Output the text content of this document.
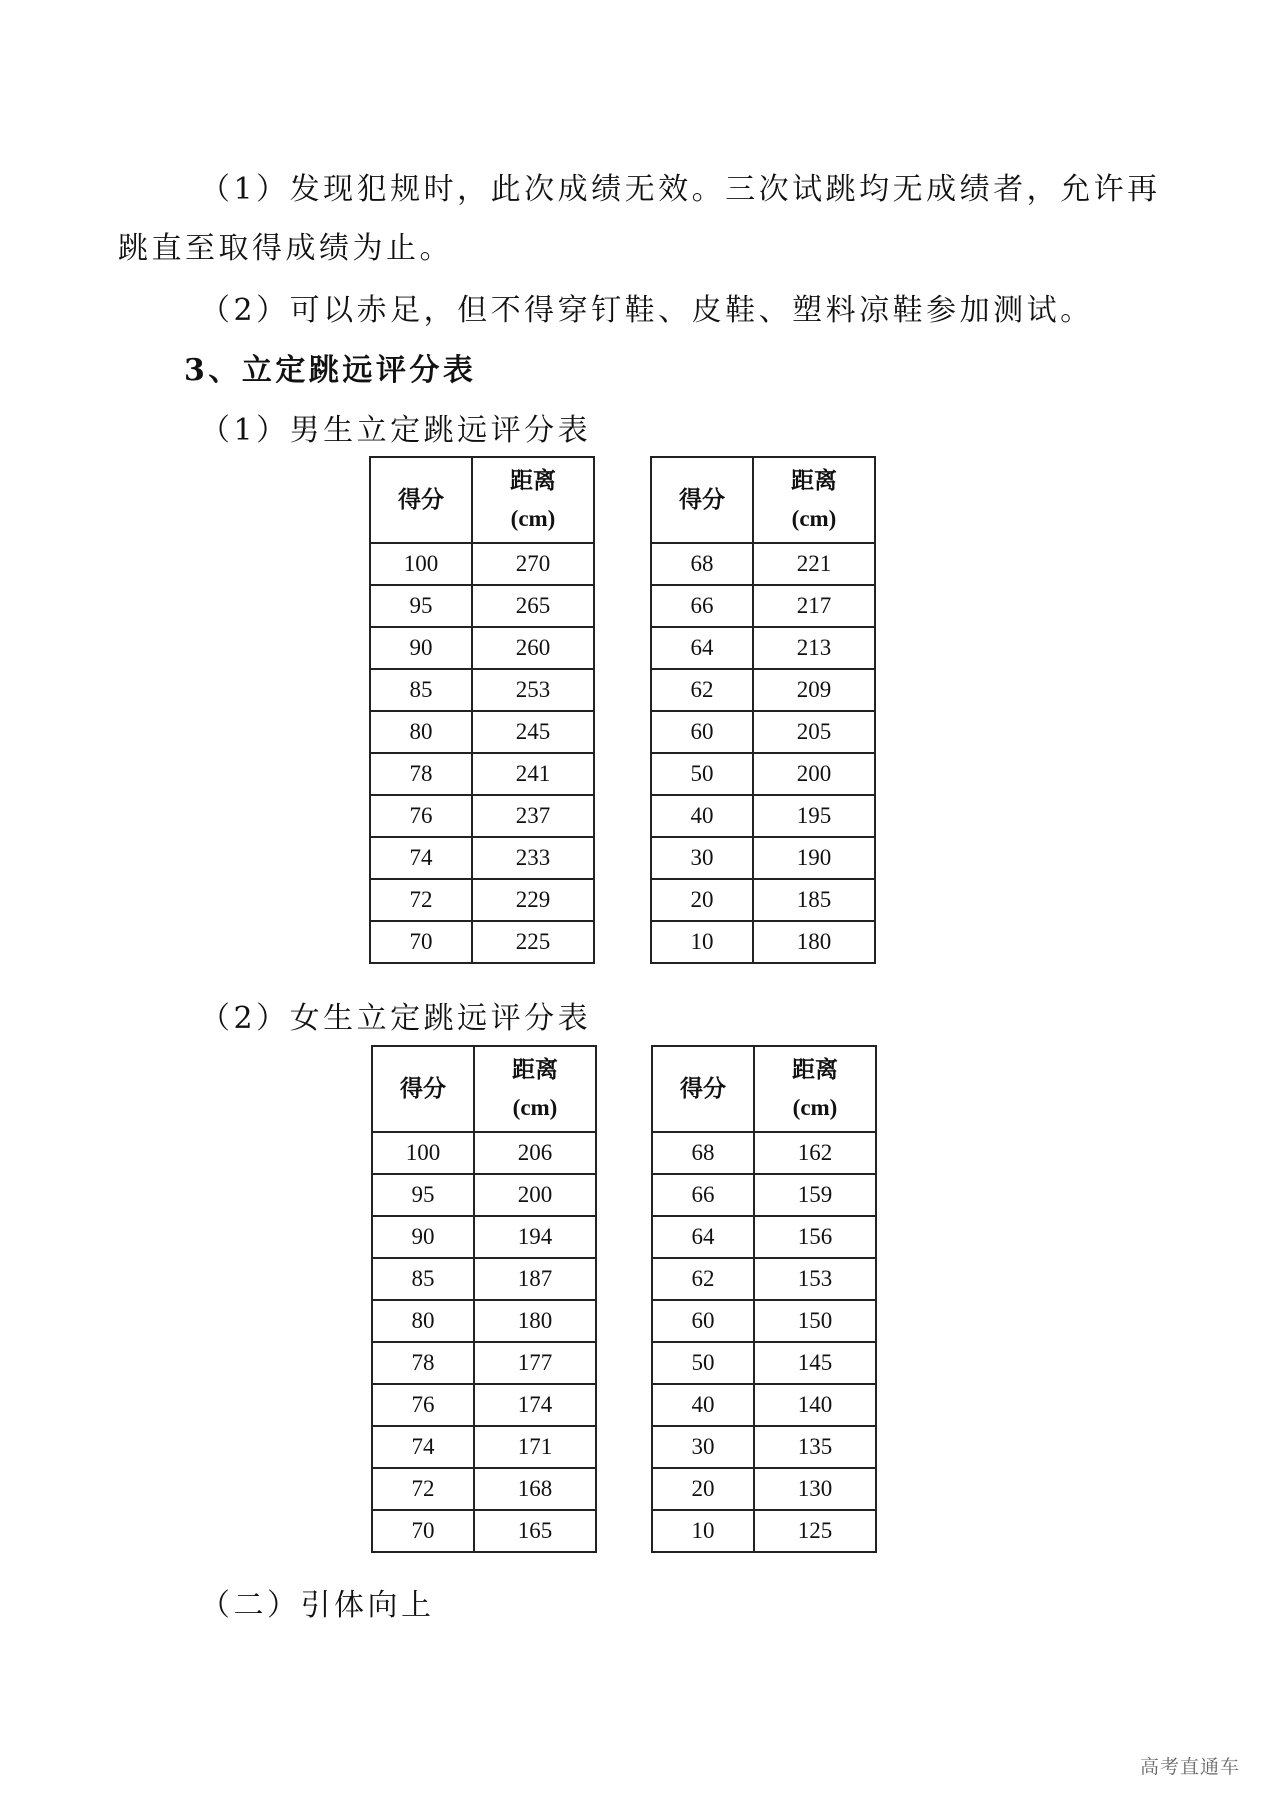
（1）发现犯规时，此次成绩无效。三次试跳均无成绩者，允许再
跳直至取得成绩为止。
（2）可以赤足，但不得穿钉鞋、皮鞋、塑料凉鞋参加测试。
3、立定跳远评分表
（1）男生立定跳远评分表
得分	距离
(cm)

100	270
95	265
90	260
85	253
80	245
78	241
76	237
74	233
72	229
70	225
得分	距离
(cm)

68	221
66	217
64	213
62	209
60	205
50	200
40	195
30	190
20	185
10	180
（2）女生立定跳远评分表
得分	距离
(cm)

100	206
95	200
90	194
85	187
80	180
78	177
76	174
74	171
72	168
70	165
得分	距离
(cm)

68	162
66	159
64	156
62	153
60	150
50	145
40	140
30	135
20	130
10	125
（二）引体向上
高考直通车
